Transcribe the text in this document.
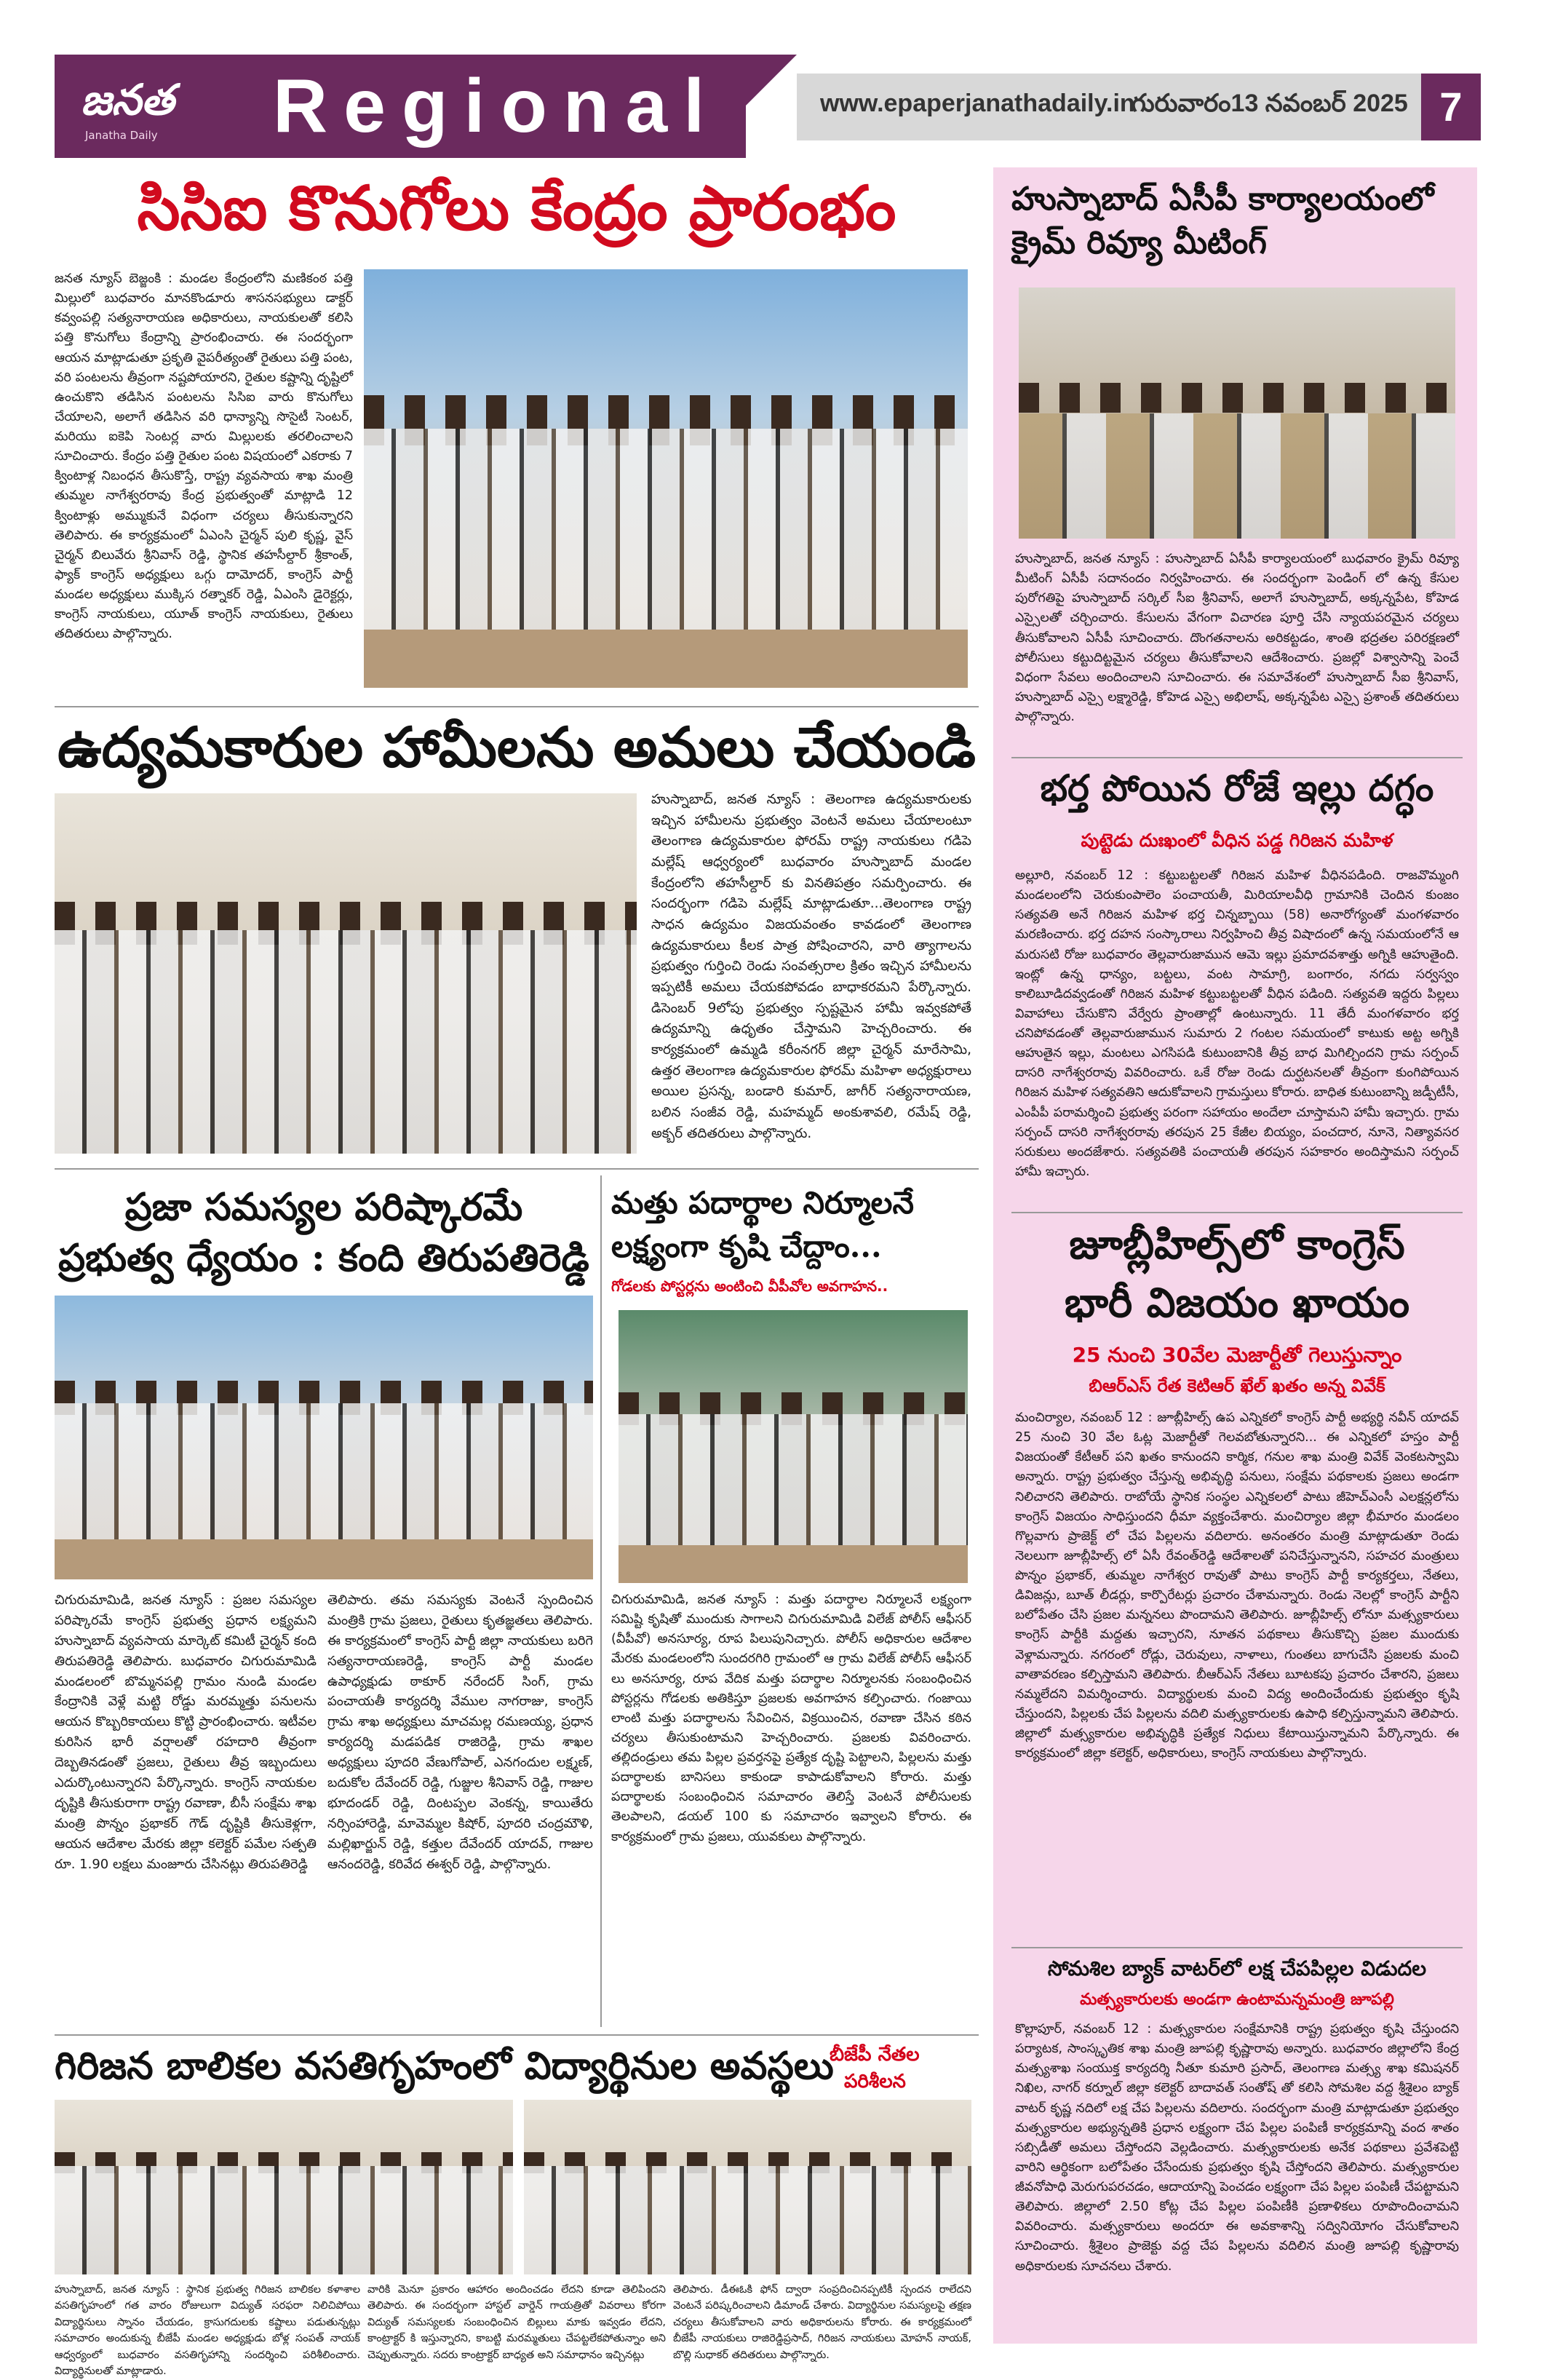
జనత
Janatha Daily Regional	www.epaperjanathadaily.in
గురువారం13 నవంబర్ 2025 7
సిసిఐ కొనుగోలు కేంద్రం ప్రారంభం
జనత న్యూస్ బెజ్జంకి : మండల కేంద్రంలోని మణికంఠ పత్తి మిల్లులో బుధవారం మానకొండూరు శాసనసభ్యులు డాక్టర్ కవ్వంపల్లి సత్యనారాయణ అధికారులు, నాయకులతో కలిసి పత్తి కొనుగోలు కేంద్రాన్ని ప్రారంభించారు. ఈ సందర్భంగా ఆయన మాట్లాడుతూ ప్రకృతి వైపరీత్యంతో రైతులు పత్తి పంట, వరి పంటలను తీవ్రంగా నష్టపోయారని, రైతుల కష్టాన్ని దృష్టిలో ఉంచుకొని తడిసిన పంటలను సిసిఐ వారు కొనుగోలు చేయాలని, అలాగే తడిసిన వరి ధాన్యాన్ని సొసైటీ సెంటర్, మరియు ఐకెపి సెంటర్ల వారు మిల్లులకు తరలించాలని సూచించారు. కేంద్రం పత్తి రైతుల పంట విషయంలో ఎకరాకు 7 క్వింటాళ్ల నిబంధన తీసుకొస్తే, రాష్ట్ర వ్యవసాయ శాఖ మంత్రి తుమ్మల నాగేశ్వరరావు కేంద్ర ప్రభుత్వంతో మాట్లాడి 12 క్వింటాళ్లు అమ్ముకునే విధంగా చర్యలు తీసుకున్నారని తెలిపారు. ఈ కార్యక్రమంలో ఏఎంసి చైర్మన్ పులి కృష్ణ, వైస్ చైర్మన్ బిలువేరు శ్రీనివాస్ రెడ్డి, స్థానిక తహసీల్దార్ శ్రీకాంత్, ఫ్యాక్ కాంగ్రెస్ అధ్యక్షులు ఒగ్గు దామోదర్, కాంగ్రెస్ పార్టీ మండల అధ్యక్షులు ముక్కిస రత్నాకర్ రెడ్డి, ఏఎంసి డైరెక్టర్లు, కాంగ్రెస్ నాయకులు, యూత్ కాంగ్రెస్ నాయకులు, రైతులు తదితరులు పాల్గొన్నారు.
ఉద్యమకారుల హామీలను అమలు చేయండి
హుస్నాబాద్, జనత న్యూస్ : తెలంగాణ ఉద్యమకారులకు ఇచ్చిన హామీలను ప్రభుత్వం వెంటనే అమలు చేయాలంటూ తెలంగాణ ఉద్యమకారుల ఫోరమ్ రాష్ట్ర నాయకులు గడిపె మల్లేష్ ఆధ్వర్యంలో బుధవారం హుస్నాబాద్ మండల కేంద్రంలోని తహసీల్దార్ కు వినతిపత్రం సమర్పించారు. ఈ సందర్భంగా గడిపె మల్లేష్ మాట్లాడుతూ...తెలంగాణ రాష్ట్ర సాధన ఉద్యమం విజయవంతం కావడంలో తెలంగాణ ఉద్యమకారులు కీలక పాత్ర పోషించారని, వారి త్యాగాలను ప్రభుత్వం గుర్తించి రెండు సంవత్సరాల క్రితం ఇచ్చిన హామీలను ఇప్పటికీ అమలు చేయకపోవడం బాధాకరమని పేర్కొన్నారు. డిసెంబర్ 9లోపు ప్రభుత్వం స్పష్టమైన హామీ ఇవ్వకపోతే ఉద్యమాన్ని ఉధృతం చేస్తామని హెచ్చరించారు. ఈ కార్యక్రమంలో ఉమ్మడి కరీంనగర్ జిల్లా చైర్మన్ మారేసామి, ఉత్తర తెలంగాణ ఉద్యమకారుల ఫోరమ్ మహిళా అధ్యక్షురాలు అయిల ప్రసన్న, బండారి కుమార్, జాగీర్ సత్యనారాయణ, బలిన సంజీవ రెడ్డి, మహమ్మద్ అంకుశావలి, రమేష్ రెడ్డి, అక్బర్ తదితరులు పాల్గొన్నారు.
ప్రజా సమస్యల పరిష్కారమే
ప్రభుత్వ ధ్యేయం : కంది తిరుపతిరెడ్డి
చిగురుమామిడి, జనత న్యూస్ : ప్రజల సమస్యల పరిష్కారమే కాంగ్రెస్ ప్రభుత్వ ప్రధాన లక్ష్యమని హుస్నాబాద్ వ్యవసాయ మార్కెట్ కమిటీ చైర్మన్ కంది తిరుపతిరెడ్డి తెలిపారు. బుధవారం చిగురుమామిడి మండలంలో బొమ్మనపల్లి గ్రామం నుండి మండల కేంద్రానికి వెళ్లే మట్టి రోడ్డు మరమ్మత్తు పనులను ఆయన కొబ్బరికాయలు కొట్టి ప్రారంభించారు. ఇటీవల కురిసిన భారీ వర్షాలతో రహదారి తీవ్రంగా దెబ్బతినడంతో ప్రజలు, రైతులు తీవ్ర ఇబ్బందులు ఎదుర్కొంటున్నారని పేర్కొన్నారు. కాంగ్రెస్ నాయకుల దృష్టికి తీసుకురాగా రాష్ట్ర రవాణా, బీసీ సంక్షేమ శాఖ మంత్రి పొన్నం ప్రభాకర్ గౌడ్ దృష్టికి తీసుకెళ్లగా, ఆయన ఆదేశాల మేరకు జిల్లా కలెక్టర్ పమేల సత్పతి రూ. 1.90 లక్షలు మంజూరు చేసినట్లు తిరుపతిరెడ్డి
తెలిపారు. తమ సమస్యకు వెంటనే స్పందించిన మంత్రికి గ్రామ ప్రజలు, రైతులు కృతజ్ఞతలు తెలిపారు. ఈ కార్యక్రమంలో కాంగ్రెస్ పార్టీ జిల్లా నాయకులు బరిగె సత్యనారాయణరెడ్డి, కాంగ్రెస్ పార్టీ మండల ఉపాధ్యక్షుడు ఠాకూర్ నరేందర్ సింగ్, గ్రామ పంచాయతీ కార్యదర్శి వేముల నాగరాజు, కాంగ్రెస్ గ్రామ శాఖ అధ్యక్షులు మాచమల్ల రమణయ్య, ప్రధాన కార్యదర్శి మడపడిక రాజిరెడ్డి, గ్రామ శాఖల అధ్యక్షులు పూదరి వేణుగోపాల్, ఎనగందుల లక్ష్మణ్, బదుకోల దేవేందర్ రెడ్డి, గుజ్జుల శీనివాస్ రెడ్డి, గాజుల భూదండర్ రెడ్డి, దింటప్పల వెంకన్న, కాయితేరు నర్సింహారెడ్డి, మావెమ్మల కిషోర్, పూదరి చంద్రమౌళి, మల్లిఖార్జున్ రెడ్డి, కత్తుల దేవేందర్ యాదవ్, గాజుల ఆనందరెడ్డి, కరివేద ఈశ్వర్ రెడ్డి, పాల్గొన్నారు.
మత్తు పదార్థాల నిర్మూలనే
లక్ష్యంగా కృషి చేద్దాం...
గోడలకు పోస్టర్లను అంటించి వీపీవోల అవగాహన..
చిగురుమామిడి, జనత న్యూస్ : మత్తు పదార్థాల నిర్మూలనే లక్ష్యంగా సమిష్టి కృషితో ముందుకు సాగాలని చిగురుమామిడి విలేజ్ పోలీస్ ఆఫీసర్ (వీపీవో) అనసూర్య, రూప పిలుపునిచ్చారు. పోలీస్ అధికారుల ఆదేశాల మేరకు మండలంలోని సుందరగిరి గ్రామంలో ఆ గ్రామ విలేజ్ పోలీస్ ఆఫీసర్ లు అనసూర్య, రూప వేదిక మత్తు పదార్థాల నిర్మూలనకు సంబంధించిన పోస్టర్లను గోడలకు అతికిస్తూ ప్రజలకు అవగాహన కల్పించారు. గంజాయి లాంటి మత్తు పదార్థాలను సేవించిన, విక్రయించిన, రవాణా చేసిన కఠిన చర్యలు తీసుకుంటామని హెచ్చరించారు. ప్రజలకు వివరించారు. తల్లిదండ్రులు తమ పిల్లల ప్రవర్తనపై ప్రత్యేక దృష్టి పెట్టాలని, పిల్లలను మత్తు పదార్థాలకు బానిసలు కాకుండా కాపాడుకోవాలని కోరారు. మత్తు పదార్థాలకు సంబంధించిన సమాచారం తెలిస్తే వెంటనే పోలీసులకు తెలపాలని, డయల్ 100 కు సమాచారం ఇవ్వాలని కోరారు. ఈ కార్యక్రమంలో గ్రామ ప్రజలు, యువకులు పాల్గొన్నారు.
గిరిజన బాలికల వసతిగృహంలో విద్యార్థినుల అవస్థలు
బీజేపీ నేతల
పరిశీలన
హుస్నాబాద్, జనత న్యూస్ : స్థానిక ప్రభుత్వ గిరిజన బాలికల కళాశాల వసతిగృహంలో గత వారం రోజులుగా విద్యుత్ సరఫరా నిలిచిపోయి విద్యార్థినులు స్నానం చేయడం, క్రాసుగదులకు కష్టాలు పడుతున్నట్లు సమాచారం అందుకున్న బీజేపీ మండల అధ్యక్షుడు బోళ్ల సంపత్ నాయక్ ఆధ్వర్యంలో బుధవారం వసతిగృహాన్ని సందర్శించి పరిశీలించారు. విద్యార్థినులతో మాట్లాడారు.
వారికి మెనూ ప్రకారం ఆహారం అందించడం లేదని కూడా తెలిపిందని తెలిపారు. ఈ సందర్భంగా హాస్టల్ వార్డెన్ గాయత్రితో వివరాలు కోరగా విద్యుత్ సమస్యలకు సంబంధించిన బిల్లులు మాకు ఇవ్వడం లేదని, కాంట్రాక్టర్ కి ఇస్తున్నారని, కాబట్టి మరమ్మతులు చేపట్టలేకపోతున్నాం అని చెప్పుతున్నారు. సదరు కాంట్రాక్టర్ బాధ్యత అని సమాధానం ఇచ్చినట్లు
తెలిపారు. డీఈఓకి ఫోన్ ద్వారా సంప్రదించినప్పటికీ స్పందన రాలేదని వెంటనే పరిష్కరించాలని డిమాండ్ చేశారు. విద్యార్థినుల సమస్యలపై తక్షణ చర్యలు తీసుకోవాలని వారు అధికారులను కోరారు. ఈ కార్యక్రమంలో బీజేపీ నాయకులు రాజిరెడ్డిప్రసాద్, గిరిజన నాయకులు మోహన్ నాయక్, బొల్లి సుధాకర్ తదితరులు పాల్గొన్నారు.
హుస్నాబాద్ ఏసీపీ కార్యాలయంలో
క్రైమ్ రివ్యూ మీటింగ్
హుస్నాబాద్, జనత న్యూస్ : హుస్నాబాద్ ఏసీపీ కార్యాలయంలో బుధవారం క్రైమ్ రివ్యూ మీటింగ్ ఏసీపీ సదానందం నిర్వహించారు. ఈ సందర్భంగా పెండింగ్ లో ఉన్న కేసుల పురోగతిపై హుస్నాబాద్ సర్కిల్ సీఐ శ్రీనివాస్, అలాగే హుస్నాబాద్, అక్కన్నపేట, కోహెడ ఎస్సైలతో చర్చించారు. కేసులను వేగంగా విచారణ పూర్తి చేసి న్యాయపరమైన చర్యలు తీసుకోవాలని ఏసీపీ సూచించారు. దొంగతనాలను అరికట్టడం, శాంతి భద్రతల పరిరక్షణలో పోలీసులు కట్టుదిట్టమైన చర్యలు తీసుకోవాలని ఆదేశించారు. ప్రజల్లో విశ్వాసాన్ని పెంచే విధంగా సేవలు అందించాలని సూచించారు. ఈ సమావేశంలో హుస్నాబాద్ సీఐ శ్రీనివాస్, హుస్నాబాద్ ఎస్సై లక్ష్మారెడ్డి, కోహెడ ఎస్సై అభిలాష్, అక్కన్నపేట ఎస్సై ప్రశాంత్ తదితరులు పాల్గొన్నారు.
భర్త పోయిన రోజే ఇల్లు దగ్ధం
పుట్టెడు దుఃఖంలో వీధిన పడ్డ గిరిజన మహిళ
అల్లూరి, నవంబర్ 12 : కట్టుబట్టలతో గిరిజన మహిళ వీధినపడింది. రాజవొమ్మంగి మండలంలోని చెరుకుంపాలెం పంచాయతీ, మిరియాలవీధి గ్రామానికి చెందిన కుంజం సత్యవతి అనే గిరిజన మహిళ భర్త చిన్నబ్బాయి (58) అనారోగ్యంతో మంగళవారం మరణించారు. భర్త దహన సంస్కారాలు నిర్వహించి తీవ్ర విషాదంలో ఉన్న సమయంలోనే ఆ మరుసటి రోజు బుధవారం తెల్లవారుజామున ఆమె ఇల్లు ప్రమాదవశాత్తు అగ్నికి ఆహుతైంది. ఇంట్లో ఉన్న ధాన్యం, బట్టలు, వంట సామాగ్రి, బంగారం, నగదు సర్వస్వం కాలిబూడిదవ్వడంతో గిరిజన మహిళ కట్టుబట్టలతో వీధిన పడింది. సత్యవతి ఇద్దరు పిల్లలు వివాహాలు చేసుకొని వేర్వేరు ప్రాంతాల్లో ఉంటున్నారు. 11 తేదీ మంగళవారం భర్త చనిపోవడంతో తెల్లవారుజామున సుమారు 2 గంటల సమయంలో కాటుకు అట్ట అగ్నికి ఆహుతైన ఇల్లు, మంటలు ఎగసిపడి కుటుంబానికి తీవ్ర బాధ మిగిల్చిందని గ్రామ సర్పంచ్ దాసరి నాగేశ్వరరావు వివరించారు. ఒకే రోజు రెండు దుర్ఘటనలతో తీవ్రంగా కుంగిపోయిన గిరిజన మహిళ సత్యవతిని ఆదుకోవాలని గ్రామస్తులు కోరారు. బాధిత కుటుంబాన్ని జడ్పీటీసీ, ఎంపీపీ పరామర్శించి ప్రభుత్వ పరంగా సహాయం అందేలా చూస్తామని హామీ ఇచ్చారు. గ్రామ సర్పంచ్ దాసరి నాగేశ్వరరావు తరపున 25 కేజీల బియ్యం, పంచదార, నూనె, నిత్యావసర సరుకులు అందజేశారు. సత్యవతికి పంచాయతీ తరపున సహకారం అందిస్తామని సర్పంచ్ హామీ ఇచ్చారు.
జూబ్లీహిల్స్‌లో కాంగ్రెస్
భారీ విజయం ఖాయం
25 నుంచి 30వేల మెజార్టీతో గెలుస్తున్నాం
బిఆర్ఎస్ రేత కెటిఆర్ ఖేల్ ఖతం అన్న వివేక్
మంచిర్యాల, నవంబర్ 12 : జూబ్లీహిల్స్ ఉప ఎన్నికలో కాంగ్రెస్ పార్టీ అభ్యర్థి నవీన్ యాదవ్ 25 నుంచి 30 వేల ఓట్ల మెజార్టీతో గెలవబోతున్నారని... ఈ ఎన్నికలో హస్తం పార్టీ విజయంతో కేటీఆర్ పని ఖతం కానుందని కార్మిక, గనుల శాఖ మంత్రి వివేక్ వెంకటస్వామి అన్నారు. రాష్ట్ర ప్రభుత్వం చేస్తున్న అభివృద్ధి పనులు, సంక్షేమ పథకాలకు ప్రజలు అండగా నిలిచారని తెలిపారు. రాబోయే స్థానిక సంస్థల ఎన్నికలలో పాటు జీహెచ్ఎంసీ ఎలక్షన్లలోను కాంగ్రెస్ విజయం సాధిస్తుందని ధీమా వ్యక్తంచేశారు. మంచిర్యాల జిల్లా భీమారం మండలం గొల్లవాగు ప్రాజెక్ట్ లో చేప పిల్లలను వదిలారు. అనంతరం మంత్రి మాట్లాడుతూ రెండు నెలలుగా జూబ్లీహిల్స్ లో ఏసీ రేవంత్‌రెడ్డి ఆదేశాలతో పనిచేస్తున్నానని, సహచర మంత్రులు పొన్నం ప్రభాకర్, తుమ్మల నాగేశ్వర రావుతో పాటు కాంగ్రెస్ పార్టీ కార్యకర్తలు, నేతలు, డివిజన్లు, బూత్ లీడర్లు, కార్పొరేటర్లు ప్రచారం చేశామన్నారు. రెండు నెలల్లో కాంగ్రెస్ పార్టీని బలోపేతం చేసి ప్రజల మన్ననలు పొందామని తెలిపారు. జూబ్లీహిల్స్ లోనూ మత్స్యకారులు కాంగ్రెస్ పార్టీకి మద్దతు ఇచ్చారని, నూతన పథకాలు తీసుకొచ్చి ప్రజల ముందుకు వెళ్లామన్నారు. నగరంలో రోడ్లు, చెరువులు, నాళాలు, గుంతలు బాగుచేసి ప్రజలకు మంచి వాతావరణం కల్పిస్తామని తెలిపారు. బీఆర్ఎస్ నేతలు బూటకపు ప్రచారం చేశారని, ప్రజలు నమ్మలేదని విమర్శించారు. విద్యార్థులకు మంచి విద్య అందించేందుకు ప్రభుత్వం కృషి చేస్తుందని, పిల్లలకు చేప పిల్లలను వదిలి మత్స్యకారులకు ఉపాధి కల్పిస్తున్నామని తెలిపారు. జిల్లాలో మత్స్యకారుల అభివృద్ధికి ప్రత్యేక నిధులు కేటాయిస్తున్నామని పేర్కొన్నారు. ఈ కార్యక్రమంలో జిల్లా కలెక్టర్, అధికారులు, కాంగ్రెస్ నాయకులు పాల్గొన్నారు.
సోమశిల బ్యాక్ వాటర్‌లో లక్ష చేపపిల్లల విడుదల
మత్స్యకారులకు అండగా ఉంటామన్నమంత్రి జూపల్లి
కొల్లాపూర్, నవంబర్ 12 : మత్స్యకారుల సంక్షేమానికి రాష్ట్ర ప్రభుత్వం కృషి చేస్తుందని పర్యాటక, సాంస్కృతిక శాఖ మంత్రి జూపల్లి కృష్ణారావు అన్నారు. బుధవారం జిల్లాలోని కేంద్ర మత్స్యశాఖ సంయుక్త కార్యదర్శి నీతూ కుమారి ప్రసాద్, తెలంగాణ మత్స్య శాఖ కమిషనర్ నిఖిల, నాగర్ కర్నూల్ జిల్లా కలెక్టర్ బాదావత్ సంతోష్ తో కలిసి సోమశిల వద్ద శ్రీశైలం బ్యాక్ వాటర్ కృష్ణ నదిలో లక్ష చేప పిల్లలను వదిలారు. సందర్భంగా మంత్రి మాట్లాడుతూ ప్రభుత్వం మత్స్యకారుల అభ్యున్నతికి ప్రధాన లక్ష్యంగా చేప పిల్లల పంపిణీ కార్యక్రమాన్ని వంద శాతం సబ్సిడీతో అమలు చేస్తోందని వెల్లడించారు. మత్స్యకారులకు అనేక పథకాలు ప్రవేశపెట్టి వారిని ఆర్థికంగా బలోపేతం చేసేందుకు ప్రభుత్వం కృషి చేస్తోందని తెలిపారు. మత్స్యకారుల జీవనోపాధి మెరుగుపరచడం, ఆదాయాన్ని పెంచడం లక్ష్యంగా చేప పిల్లల పంపిణీ చేపట్టామని తెలిపారు. జిల్లాలో 2.50 కోట్ల చేప పిల్లల పంపిణీకి ప్రణాళికలు రూపొందించామని వివరించారు. మత్స్యకారులు అందరూ ఈ అవకాశాన్ని సద్వినియోగం చేసుకోవాలని సూచించారు. శ్రీశైలం ప్రాజెక్టు వద్ద చేప పిల్లలను వదిలిన మంత్రి జూపల్లి కృష్ణారావు అధికారులకు సూచనలు చేశారు.
